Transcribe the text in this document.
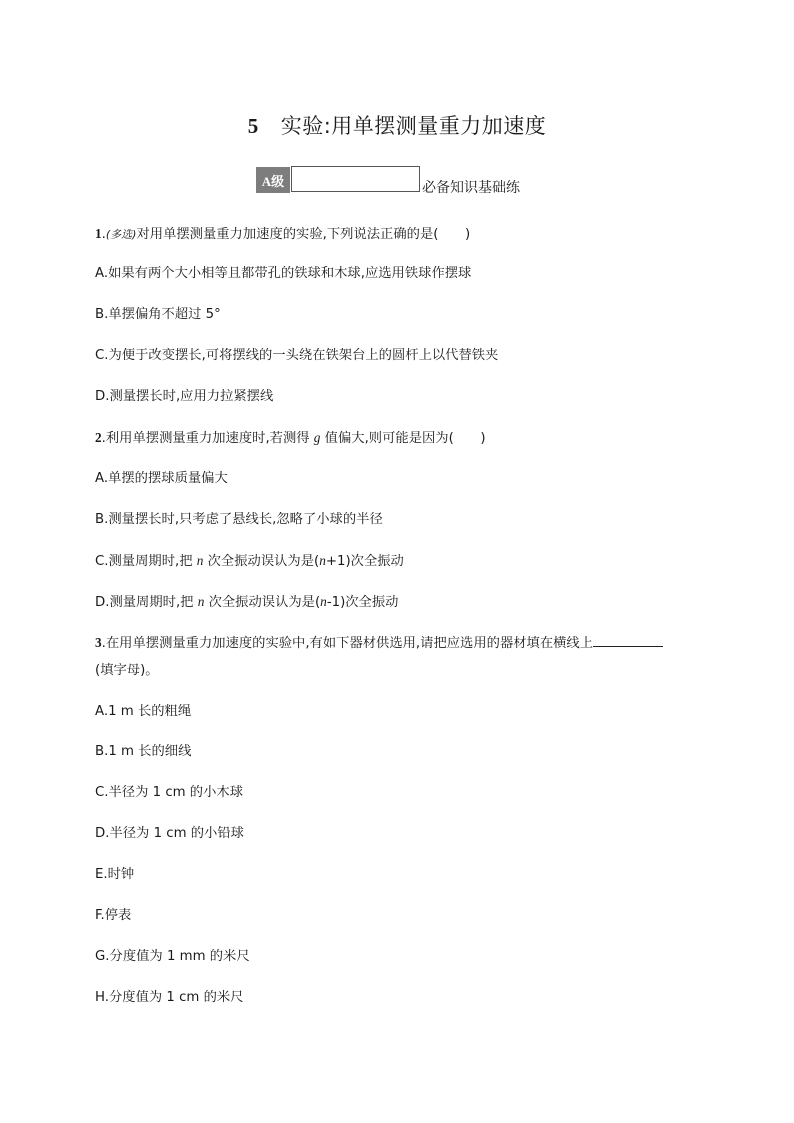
5 实验:用单摆测量重力加速度
A级	必备知识基础练
1.(多选)对用单摆测量重力加速度的实验,下列说法正确的是(　　)
A.如果有两个大小相等且都带孔的铁球和木球,应选用铁球作摆球
B.单摆偏角不超过 5°
C.为便于改变摆长,可将摆线的一头绕在铁架台上的圆杆上以代替铁夹
D.测量摆长时,应用力拉紧摆线
2.利用单摆测量重力加速度时,若测得 g 值偏大,则可能是因为(　　)
A.单摆的摆球质量偏大
B.测量摆长时,只考虑了悬线长,忽略了小球的半径
C.测量周期时,把 n 次全振动误认为是(n+1)次全振动
D.测量周期时,把 n 次全振动误认为是(n-1)次全振动
3.在用单摆测量重力加速度的实验中,有如下器材供选用,请把应选用的器材填在横线上
(填字母)。
A.1 m 长的粗绳
B.1 m 长的细线
C.半径为 1 cm 的小木球
D.半径为 1 cm 的小铅球
E.时钟
F.停表
G.分度值为 1 mm 的米尺
H.分度值为 1 cm 的米尺
